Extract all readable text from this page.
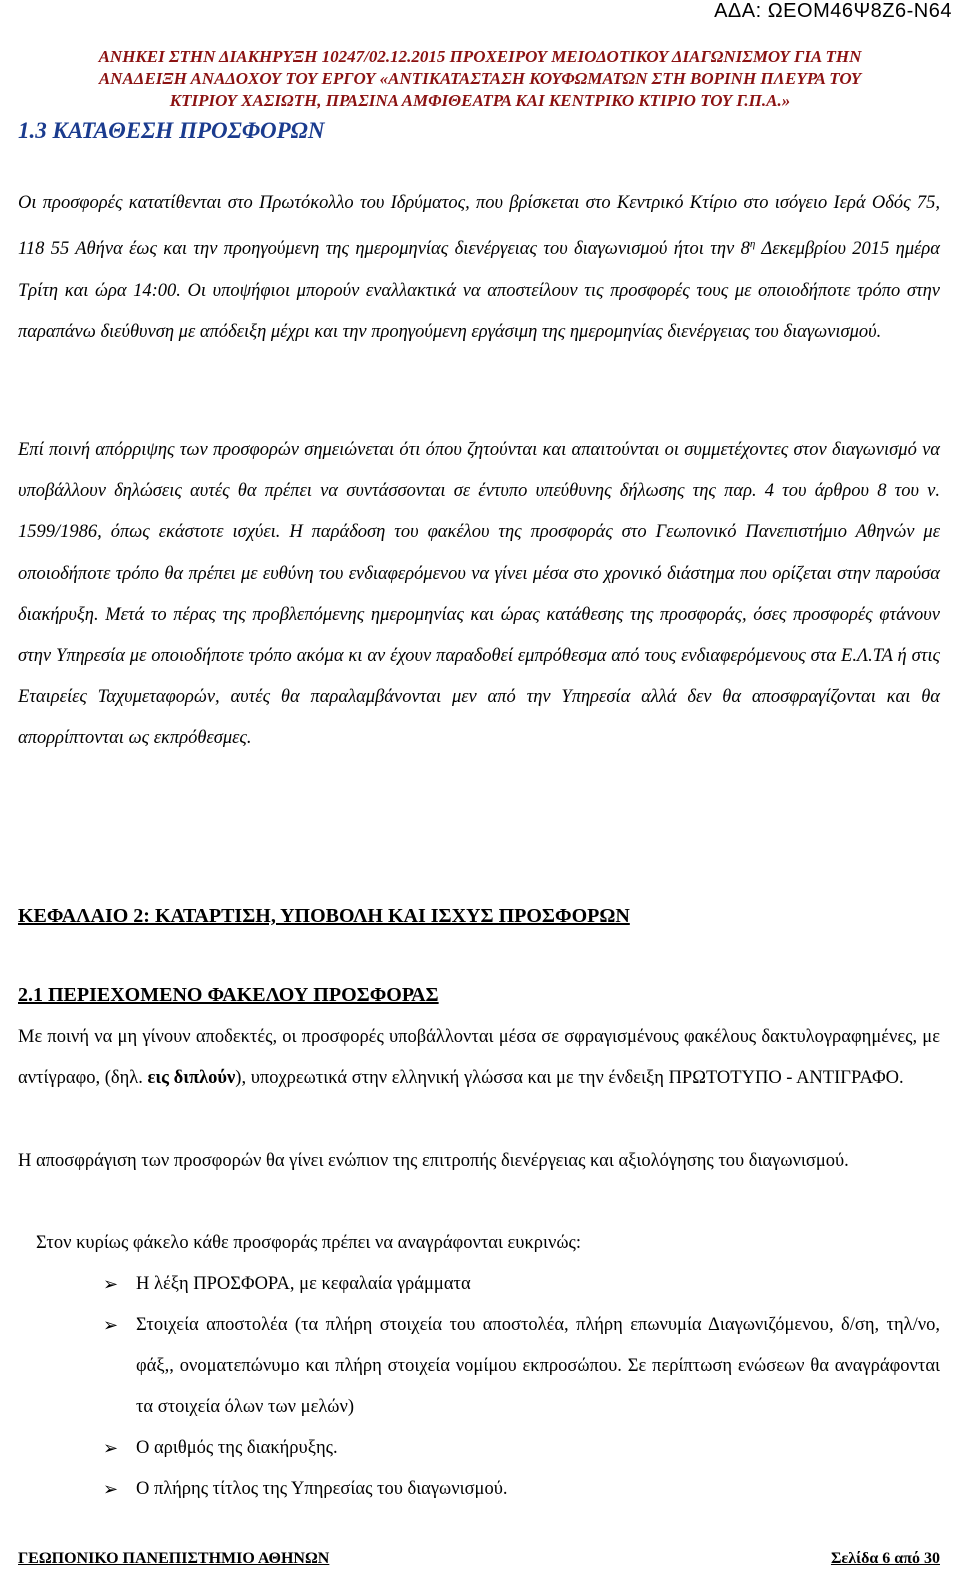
ΑΔΑ: ΩΕΟΜ46Ψ8Ζ6-Ν64
ΑΝΗΚΕΙ ΣΤΗΝ ΔΙΑΚΗΡΥΞΗ 10247/02.12.2015 ΠΡΟΧΕΙΡΟΥ ΜΕΙΟΔΟΤΙΚΟΥ ΔΙΑΓΩΝΙΣΜΟΥ ΓΙΑ ΤΗΝ
ΑΝΑΔΕΙΞΗ ΑΝΑΔΟΧΟΥ ΤΟΥ ΕΡΓΟΥ «ΑΝΤΙΚΑΤΑΣΤΑΣΗ ΚΟΥΦΩΜΑΤΩΝ ΣΤΗ ΒΟΡΙΝΗ ΠΛΕΥΡΑ ΤΟΥ
ΚΤΙΡΙΟΥ ΧΑΣΙΩΤΗ, ΠΡΑΣΙΝΑ ΑΜΦΙΘΕΑΤΡΑ ΚΑΙ ΚΕΝΤΡΙΚΟ ΚΤΙΡΙΟ ΤΟΥ Γ.Π.Α.»
1.3 ΚΑΤΑΘΕΣΗ ΠΡΟΣΦΟΡΩΝ

Οι προσφορές κατατίθενται στο Πρωτόκολλο του Ιδρύματος, που βρίσκεται στο Κεντρικό Κτίριο στο ισόγειο Ιερά Οδός 75, 118 55 Αθήνα έως και την προηγούμενη της ημερομηνίας διενέργειας του διαγωνισμού ήτοι την $8^\eta$ Δεκεμβρίου 2015 ημέρα Τρίτη και ώρα 14:00. Οι υποψήφιοι μπορούν εναλλακτικά να αποστείλουν τις προσφορές τους με οποιοδήποτε τρόπο στην παραπάνω διεύθυνση με απόδειξη μέχρι και την προηγούμενη εργάσιμη της ημερομηνίας διενέργειας του διαγωνισμού.

Επί ποινή απόρριψης των προσφορών σημειώνεται ότι όπου ζητούνται και απαιτούνται οι συμμετέχοντες στον διαγωνισμό να υποβάλλουν δηλώσεις αυτές θα πρέπει να συντάσσονται σε έντυπο υπεύθυνης δήλωσης της παρ. 4 του άρθρου 8 του ν. 1599/1986, όπως εκάστοτε ισχύει. Η παράδοση του φακέλου της προσφοράς στο Γεωπονικό Πανεπιστήμιο Αθηνών με οποιοδήποτε τρόπο θα πρέπει με ευθύνη του ενδιαφερόμενου να γίνει μέσα στο χρονικό διάστημα που ορίζεται στην παρούσα διακήρυξη. Μετά το πέρας της προβλεπόμενης ημερομηνίας και ώρας κατάθεσης της προσφοράς, όσες προσφορές φτάνουν στην Υπηρεσία με οποιοδήποτε τρόπο ακόμα κι αν έχουν παραδοθεί εμπρόθεσμα από τους ενδιαφερόμενους στα Ε.Λ.ΤΑ ή στις Εταιρείες Ταχυμεταφορών, αυτές θα παραλαμβάνονται μεν από την Υπηρεσία αλλά δεν θα αποσφραγίζονται και θα απορρίπτονται ως εκπρόθεσμες.

ΚΕΦΑΛΑΙΟ 2: ΚΑΤΑΡΤΙΣΗ, ΥΠΟΒΟΛΗ ΚΑΙ ΙΣΧΥΣ ΠΡΟΣΦΟΡΩΝ
2.1 ΠΕΡΙΕΧΟΜΕΝΟ ΦΑΚΕΛΟΥ ΠΡΟΣΦΟΡΑΣ

Με ποινή να μη γίνουν αποδεκτές, οι προσφορές υποβάλλονται μέσα σε σφραγισμένους φακέλους δακτυλογραφημένες, με αντίγραφο, (δηλ. εις διπλούν), υποχρεωτικά στην ελληνική γλώσσα και με την ένδειξη ΠΡΩΤΟΤΥΠΟ - ΑΝΤΙΓΡΑΦΟ.

Η αποσφράγιση των προσφορών θα γίνει ενώπιον της επιτροπής διενέργειας και αξιολόγησης του διαγωνισμού.

Στον κυρίως φάκελο κάθε προσφοράς πρέπει να αναγράφονται ευκρινώς:

➢ Η λέξη ΠΡΟΣΦΟΡΑ, με κεφαλαία γράμματα
➢ Στοιχεία αποστολέα (τα πλήρη στοιχεία του αποστολέα, πλήρη επωνυμία Διαγωνιζόμενου, δ/ση, τηλ/νο, φάξ,, ονοματεπώνυμο και πλήρη στοιχεία νομίμου εκπροσώπου. Σε περίπτωση ενώσεων θα αναγράφονται τα στοιχεία όλων των μελών)
➢ Ο αριθμός της διακήρυξης.
➢ Ο πλήρης τίτλος της Υπηρεσίας του διαγωνισμού.
ΓΕΩΠΟΝΙΚΟ ΠΑΝΕΠΙΣΤΗΜΙΟ ΑΘΗΝΩΝ	Σελίδα 6 από 30
